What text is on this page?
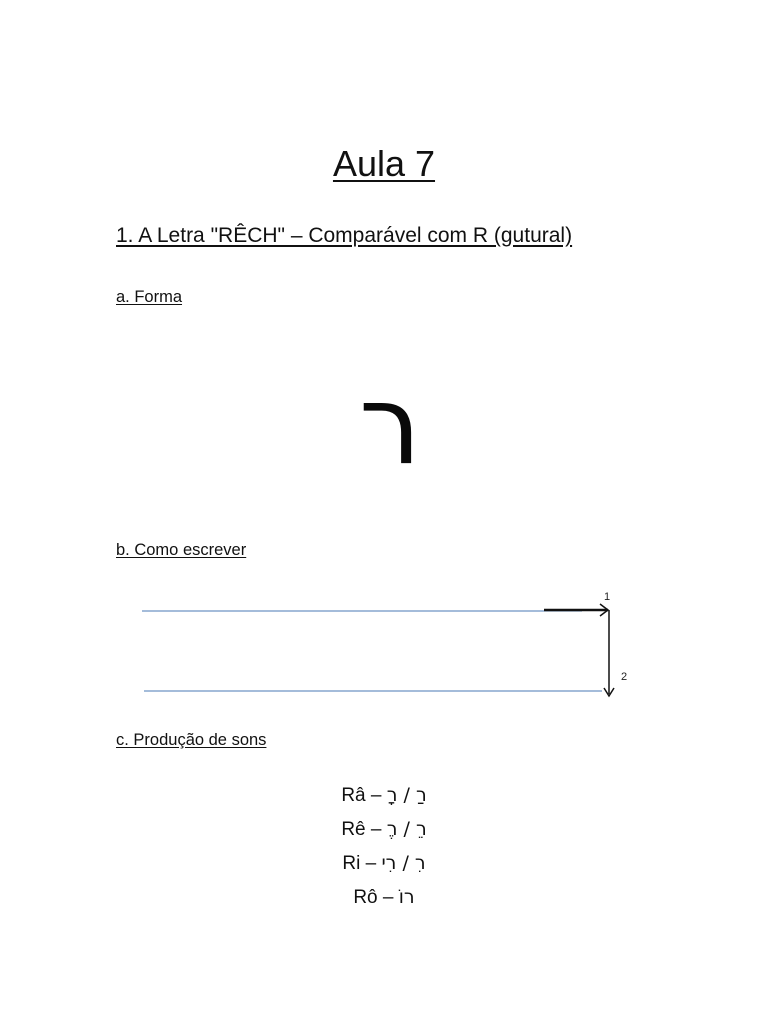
Aula 7
1. A Letra "RÊCH" – Comparável com R (gutural)
a. Forma
ר
b. Como escrever
1
2
c. Produção de sons
Râ – רַ / רָ
Rê – רֵ / רֶ
Ri – רִ / רִי
Rô – רוֹ
